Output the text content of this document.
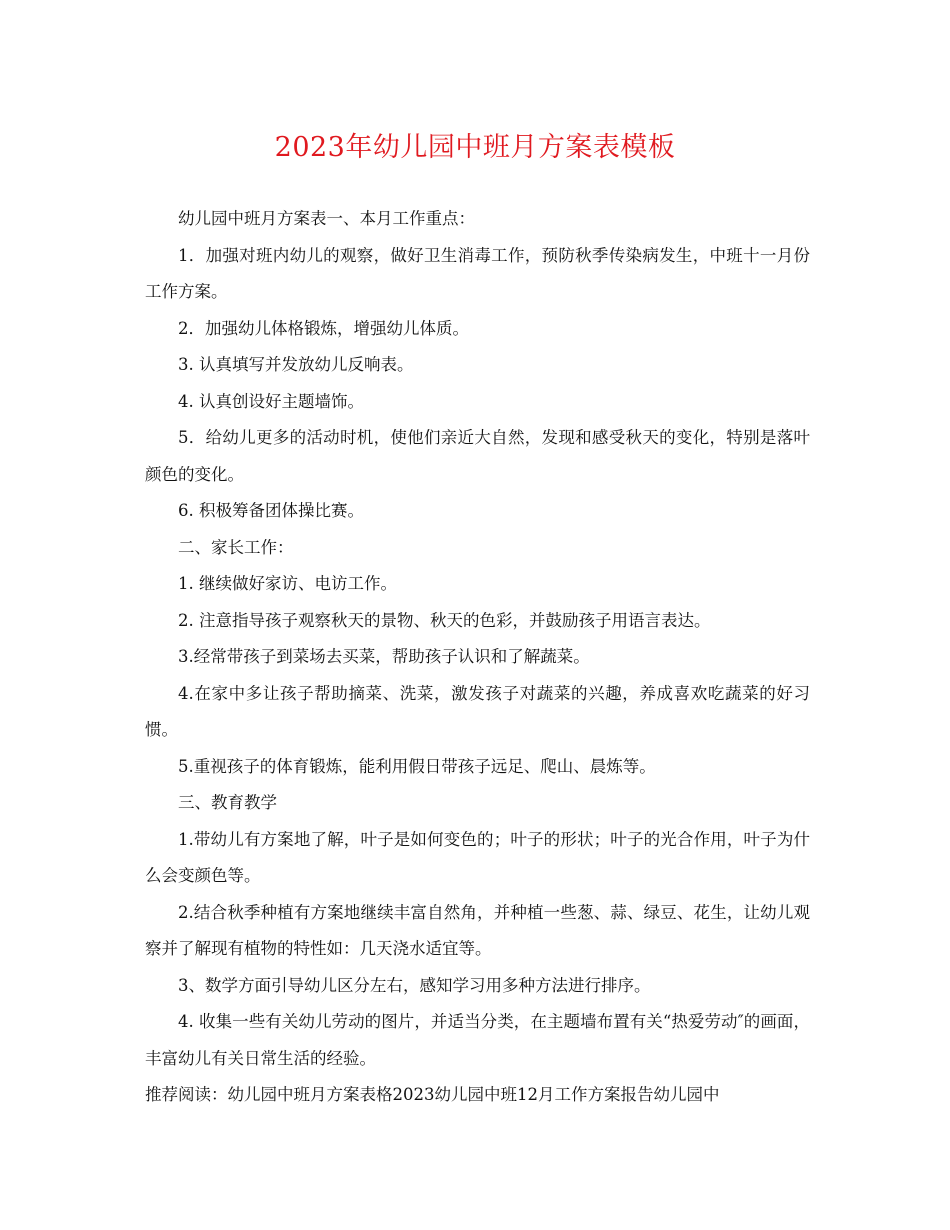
2023年幼儿园中班月方案表模板

幼儿园中班月方案表一、本月工作重点：

1．加强对班内幼儿的观察，做好卫生消毒工作，预防秋季传染病发生，中班十一月份工作方案。

2．加强幼儿体格锻炼，增强幼儿体质。

3. 认真填写并发放幼儿反响表。

4. 认真创设好主题墙饰。

5．给幼儿更多的活动时机，使他们亲近大自然，发现和感受秋天的变化，特别是落叶颜色的变化。

6. 积极筹备团体操比赛。

二、家长工作：

1. 继续做好家访、电访工作。

2. 注意指导孩子观察秋天的景物、秋天的色彩，并鼓励孩子用语言表达。

3.经常带孩子到菜场去买菜，帮助孩子认识和了解蔬菜。

4.在家中多让孩子帮助摘菜、洗菜，激发孩子对蔬菜的兴趣，养成喜欢吃蔬菜的好习惯。

5.重视孩子的体育锻炼，能利用假日带孩子远足、爬山、晨炼等。

三、教育教学

1.带幼儿有方案地了解，叶子是如何变色的；叶子的形状；叶子的光合作用，叶子为什么会变颜色等。

2.结合秋季种植有方案地继续丰富自然角，并种植一些葱、蒜、绿豆、花生，让幼儿观察并了解现有植物的特性如：几天浇水适宜等。

3、数学方面引导幼儿区分左右，感知学习用多种方法进行排序。

4. 收集一些有关幼儿劳动的图片，并适当分类，在主题墙布置有关“热爱劳动″的画面，丰富幼儿有关日常生活的经验。

推荐阅读：幼儿园中班月方案表格2023幼儿园中班12月工作方案报告幼儿园中
